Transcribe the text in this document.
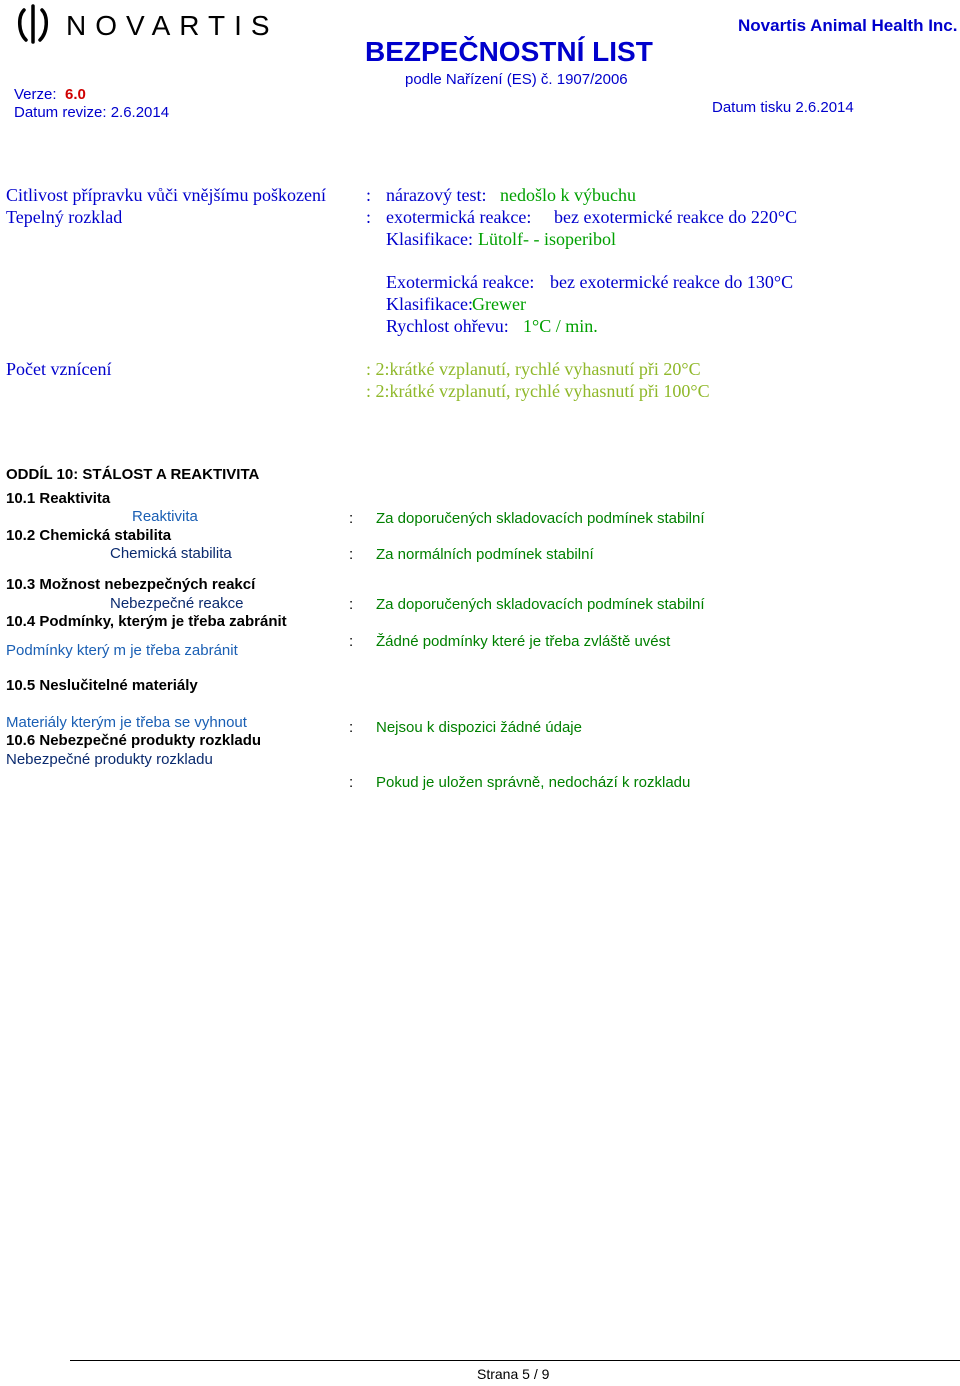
NOVARTIS	Novartis Animal Health Inc.
BEZPEČNOSTNÍ LIST
podle Nařízení (ES) č. 1907/2006
Verze: 6.0
Datum revize: 2.6.2014	Datum tisku 2.6.2014
Citlivost přípravku vůči vnějšímu poškození : nárazový test: nedošlo k výbuchu
Tepelný rozklad	: exotermická reakce: bez exotermické reakce do 220°C
Klasifikace: Lütolf- - isoperibol
Exotermická reakce: bez exotermické reakce do 130°C
Klasifikace: Grewer
Rychlost ohřevu: 1°C / min.
Počet vznícení	: 2:krátké vzplanutí, rychlé vyhasnutí při 20°C
: 2:krátké vzplanutí, rychlé vyhasnutí při 100°C
ODDÍL 10: STÁLOST A REAKTIVITA
10.1 Reaktivita
Reaktivita	: Za doporučených skladovacích podmínek stabilní
10.2 Chemická stabilita
Chemická stabilita	: Za normálních podmínek stabilní
10.3 Možnost nebezpečných reakcí
Nebezpečné reakce	: Za doporučených skladovacích podmínek stabilní
10.4 Podmínky, kterým je třeba zabránit
Podmínky který m je třeba zabránit
: Žádné podmínky které je třeba zvláště uvést
10.5 Neslučitelné materiály
Materiály kterým je třeba se vyhnout	: Nejsou k dispozici žádné údaje
10.6 Nebezpečné produkty rozkladu
Nebezpečné produkty rozkladu
: Pokud je uložen správně, nedochází k rozkladu
Strana 5 / 9
